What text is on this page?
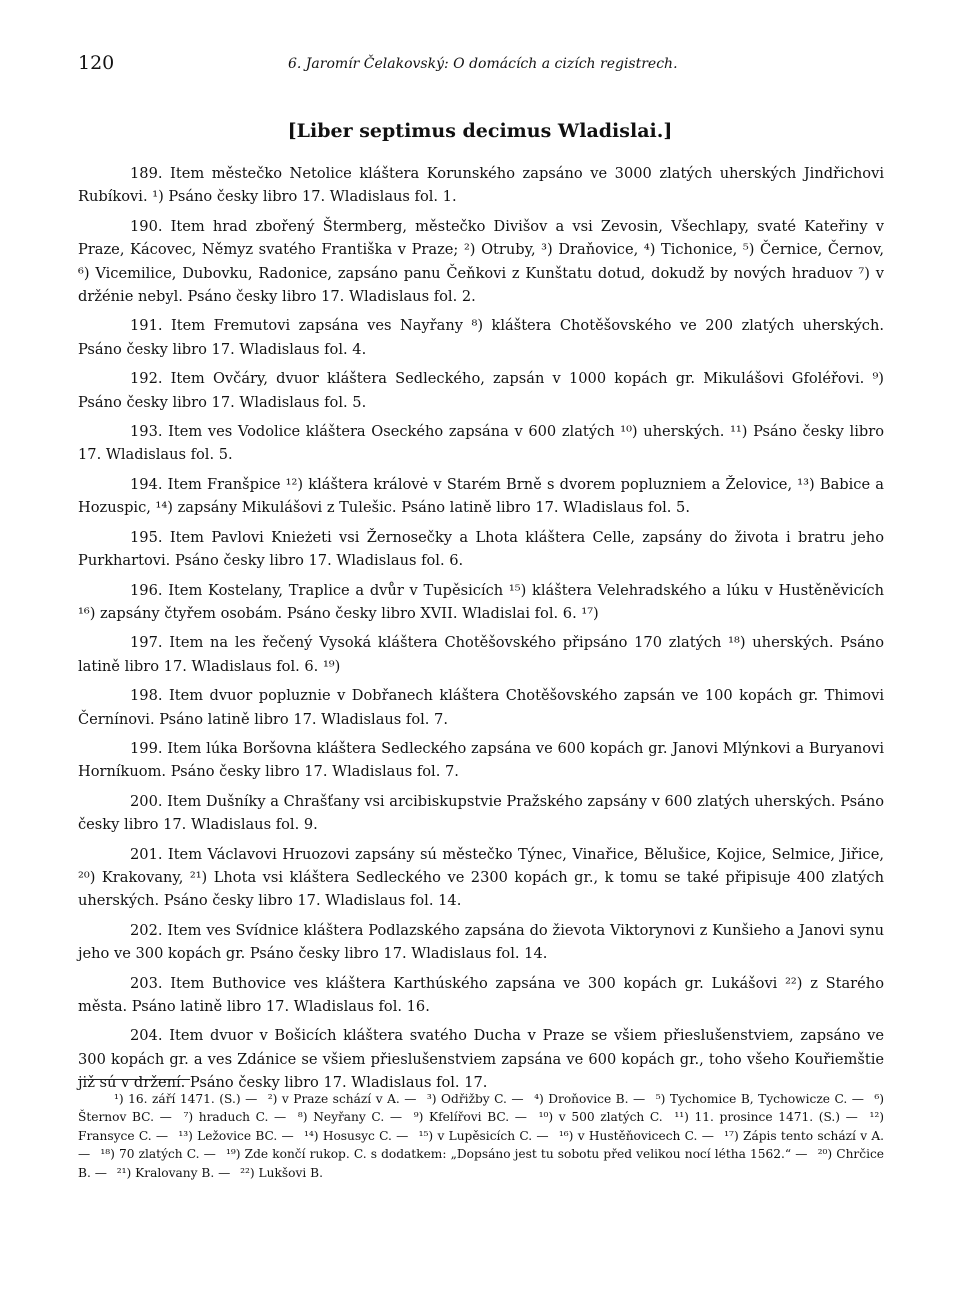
120	6. Jaromír Čelakovský: O domácích a cizích registrech.
[Liber septimus decimus Wladislai.]

189. Item městečko Netolice kláštera Korunského zapsáno ve 3000 zlatých uherských Jindřichovi Rubíkovi. ¹) Psáno česky libro 17. Wladislaus fol. 1.

190. Item hrad zbořený Štermberg, městečko Divišov a vsi Zevosin, Všechlapy, svaté Kateřiny v Praze, Kácovec, Němyz svatého Františka v Praze; ²) Otruby, ³) Draňovice, ⁴) Tichonice, ⁵) Černice, Černov, ⁶) Vicemilice, Dubovku, Radonice, zapsáno panu Čeňkovi z Kunštatu dotud, dokudž by nových hraduov ⁷) v držénie nebyl. Psáno česky libro 17. Wladislaus fol. 2.

191. Item Fremutovi zapsána ves Nayřany ⁸) kláštera Chotěšovského ve 200 zlatých uherských. Psáno česky libro 17. Wladislaus fol. 4.

192. Item Ovčáry, dvuor kláštera Sedleckého, zapsán v 1000 kopách gr. Mikulášovi Gfoléřovi. ⁹) Psáno česky libro 17. Wladislaus fol. 5.

193. Item ves Vodolice kláštera Oseckého zapsána v 600 zlatých ¹⁰) uherských. ¹¹) Psáno česky libro 17. Wladislaus fol. 5.

194. Item Franšpice ¹²) kláštera královė v Starém Brně s dvorem popluzniem a Želovice, ¹³) Babice a Hozuspic, ¹⁴) zapsány Mikulášovi z Tulešic. Psáno latině libro 17. Wladislaus fol. 5.

195. Item Pavlovi Knieżeti vsi Žernosečky a Lhota kláštera Celle, zapsány do života i bratru jeho Purkhartovi. Psáno česky libro 17. Wladislaus fol. 6.

196. Item Kostelany, Traplice a dvůr v Tupěsicích ¹⁵) kláštera Velehradského a lúku v Hustěněvicích ¹⁶) zapsány čtyřem osobám. Psáno česky libro XVII. Wladislai fol. 6. ¹⁷)

197. Item na les řečený Vysoká kláštera Chotěšovského připsáno 170 zlatých ¹⁸) uherských. Psáno latině libro 17. Wladislaus fol. 6. ¹⁹)

198. Item dvuor popluznie v Dobřanech kláštera Chotěšovského zapsán ve 100 kopách gr. Thimovi Černínovi. Psáno latině libro 17. Wladislaus fol. 7.

199. Item lúka Boršovna kláštera Sedleckého zapsána ve 600 kopách gr. Janovi Mlýnkovi a Buryanovi Horníkuom. Psáno česky libro 17. Wladislaus fol. 7.

200. Item Dušníky a Chrašťany vsi arcibiskupstvie Pražského zapsány v 600 zlatých uherských. Psáno česky libro 17. Wladislaus fol. 9.

201. Item Václavovi Hruozovi zapsány sú městečko Týnec, Vinařice, Bělušice, Kojice, Selmice, Jiřice, ²⁰) Krakovany, ²¹) Lhota vsi kláštera Sedleckého ve 2300 kopách gr., k tomu se také připisuje 400 zlatých uherských. Psáno česky libro 17. Wladislaus fol. 14.

202. Item ves Svídnice kláštera Podlazského zapsána do žievota Viktorynovi z Kunšieho a Janovi synu jeho ve 300 kopách gr. Psáno česky libro 17. Wladislaus fol. 14.

203. Item Buthovice ves kláštera Karthúského zapsána ve 300 kopách gr. Lukášovi ²²) z Starého města. Psáno latině libro 17. Wladislaus fol. 16.

204. Item dvuor v Bošicích kláštera svatého Ducha v Praze se všiem přieslušenstviem, zapsáno ve 300 kopách gr. a ves Zdánice se všiem přieslušenstviem zapsána ve 600 kopách gr., toho všeho Kouřiemštie již sú v držení. Psáno česky libro 17. Wladislaus fol. 17.

¹) 16. září 1471. (S.) — ²) v Praze schází v A. — ³) Odřižby C. — ⁴) Droňovice B. — ⁵) Tychomice B, Tychowicze C. — ⁶) Šternov BC. — ⁷) hraduch C. — ⁸) Neyřany C. — ⁹) Kfelířovi BC. — ¹⁰) v 500 zlatých C. ¹¹) 11. prosince 1471. (S.) — ¹²) Fransyce C. — ¹³) Ležovice BC. — ¹⁴) Hosusyc C. — ¹⁵) v Lupěsicích C. — ¹⁶) v Hustěňovicech C. — ¹⁷) Zápis tento schází v A. — ¹⁸) 70 zlatých C. — ¹⁹) Zde končí rukop. C. s dodatkem: „Dopsáno jest tu sobotu před velikou nocí létha 1562.“ — ²⁰) Chrčice B. — ²¹) Kralovany B. — ²²) Lukšovi B.
